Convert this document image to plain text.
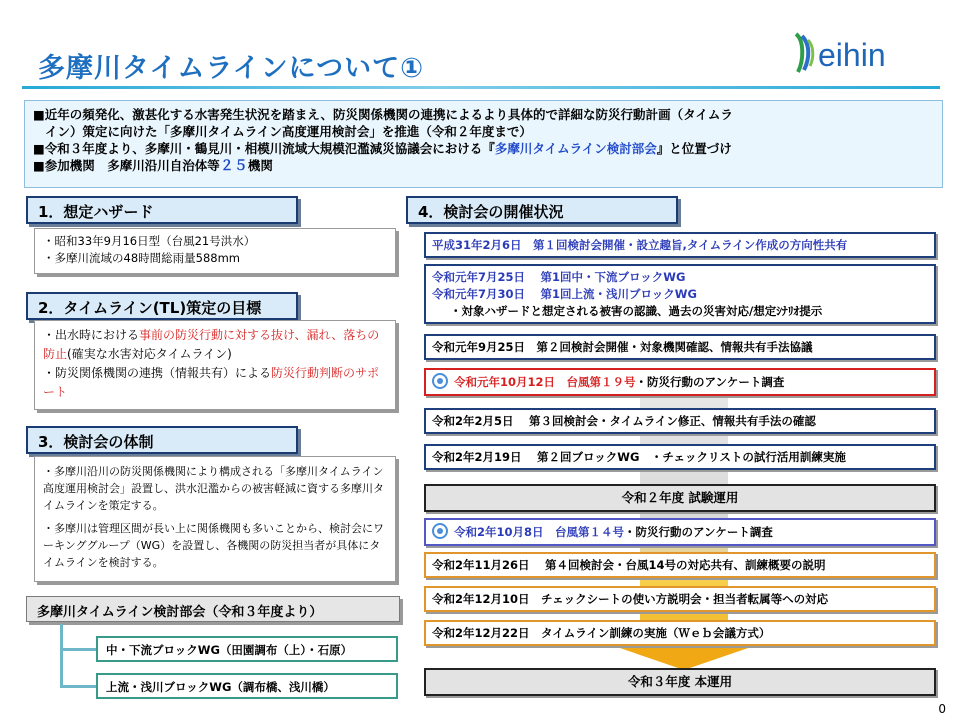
多摩川タイムラインについて①	eihin
■近年の頻発化、激甚化する水害発生状況を踏まえ、防災関係機関の連携によるより具体的で詳細な防災行動計画（タイムラ
イン）策定に向けた「多摩川タイムライン高度運用検討会」を推進（令和２年度まで）
■令和３年度より、多摩川・鶴見川・相模川流域大規模氾濫減災協議会における『多摩川タイムライン検討部会』と位置づけ
■参加機関　多摩川沿川自治体等２５機関
1．想定ハザード
・昭和33年9月16日型（台風21号洪水）
・多摩川流域の48時間総雨量588mm
2．タイムライン(TL)策定の目標
・出水時における事前の防災行動に対する抜け、漏れ、落ちの防止(確実な水害対応タイムライン)
・防災関係機関の連携（情報共有）による防災行動判断のサポート
3．検討会の体制
・多摩川沿川の防災関係機関により構成される「多摩川タイムライン高度運用検討会」設置し、洪水氾濫からの被害軽減に資する多摩川タイムラインを策定する。
・多摩川は管理区間が長い上に関係機関も多いことから、検討会にワーキンググループ（WG）を設置し、各機関の防災担当者が具体にタイムラインを検討する。
多摩川タイムライン検討部会（令和３年度より）
中・下流ブロックWG（田園調布（上）・石原）
上流・浅川ブロックWG（調布橋、浅川橋）
4．検討会の開催状況
平成31年2月6日　第１回検討会開催・設立趣旨,タイムライン作成の方向性共有
令和元年7月25日　 第1回中・下流ブロックWG
令和元年7月30日　 第1回上流・浅川ブロックWG
・対象ハザードと想定される被害の認識、過去の災害対応/想定ｼﾅﾘｵ提示
令和元年9月25日　第２回検討会開催・対象機関確認、情報共有手法協議
令和元年10月12日　台風第１９号・防災行動のアンケート調査
令和2年2月5日　 第３回検討会・タイムライン修正、情報共有手法の確認
令和2年2月19日　 第２回ブロックWG　・チェックリストの試行活用訓練実施
令和２年度 試験運用
令和2年10月8日　台風第１４号・防災行動のアンケート調査
令和2年11月26日　 第４回検討会・台風14号の対応共有、訓練概要の説明
令和2年12月10日　チェックシートの使い方説明会・担当者転属等への対応
令和2年12月22日　タイムライン訓練の実施（Ｗｅｂ会議方式）
令和３年度 本運用
0
